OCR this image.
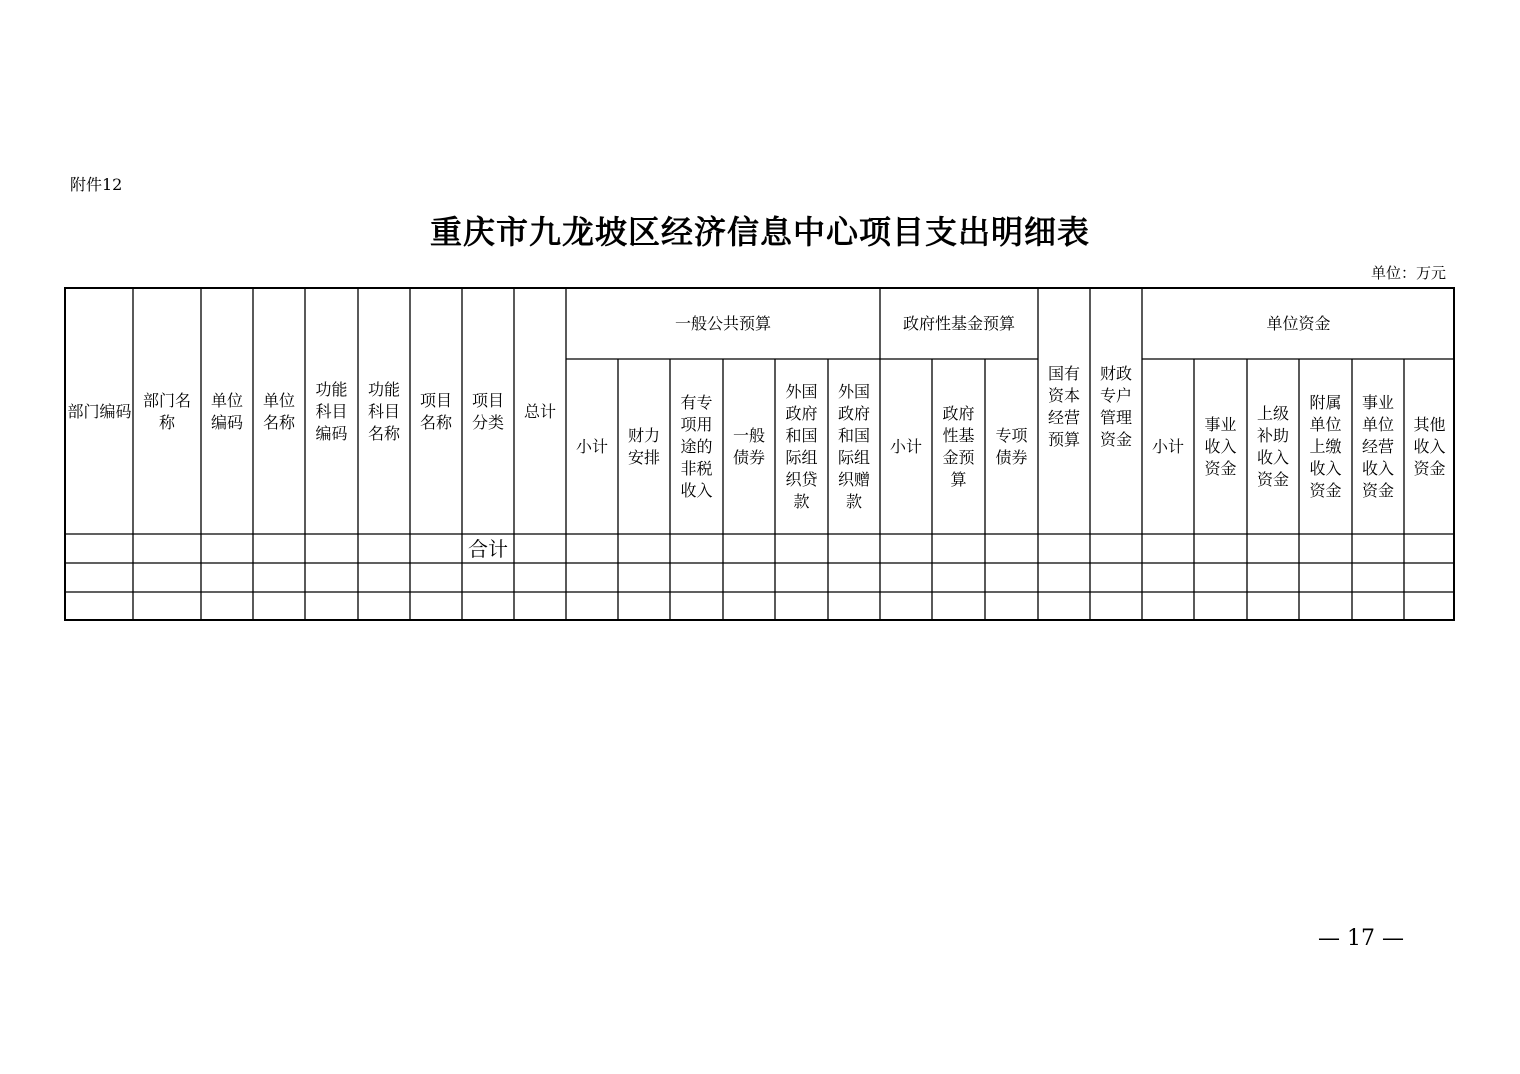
附件12
重庆市九龙坡区经济信息中心项目支出明细表
单位：万元
部门编码
部门名称
单位编码
单位名称
功能科目编码
功能科目名称
项目名称
项目分类
总计
一般公共预算	政府性基金预算
国有资本经营预算
财政专户管理资金
单位资金
小计
财力安排
有专项用途的非税收入
一般债券
外国政府和国际组织贷款
外国政府和国际组织赠款
小计
政府性基金预算
专项债券
小计
事业收入资金
上级补助收入资金
附属单位上缴收入资金
事业单位经营收入资金
其他收入资金
合计
— 17 —
